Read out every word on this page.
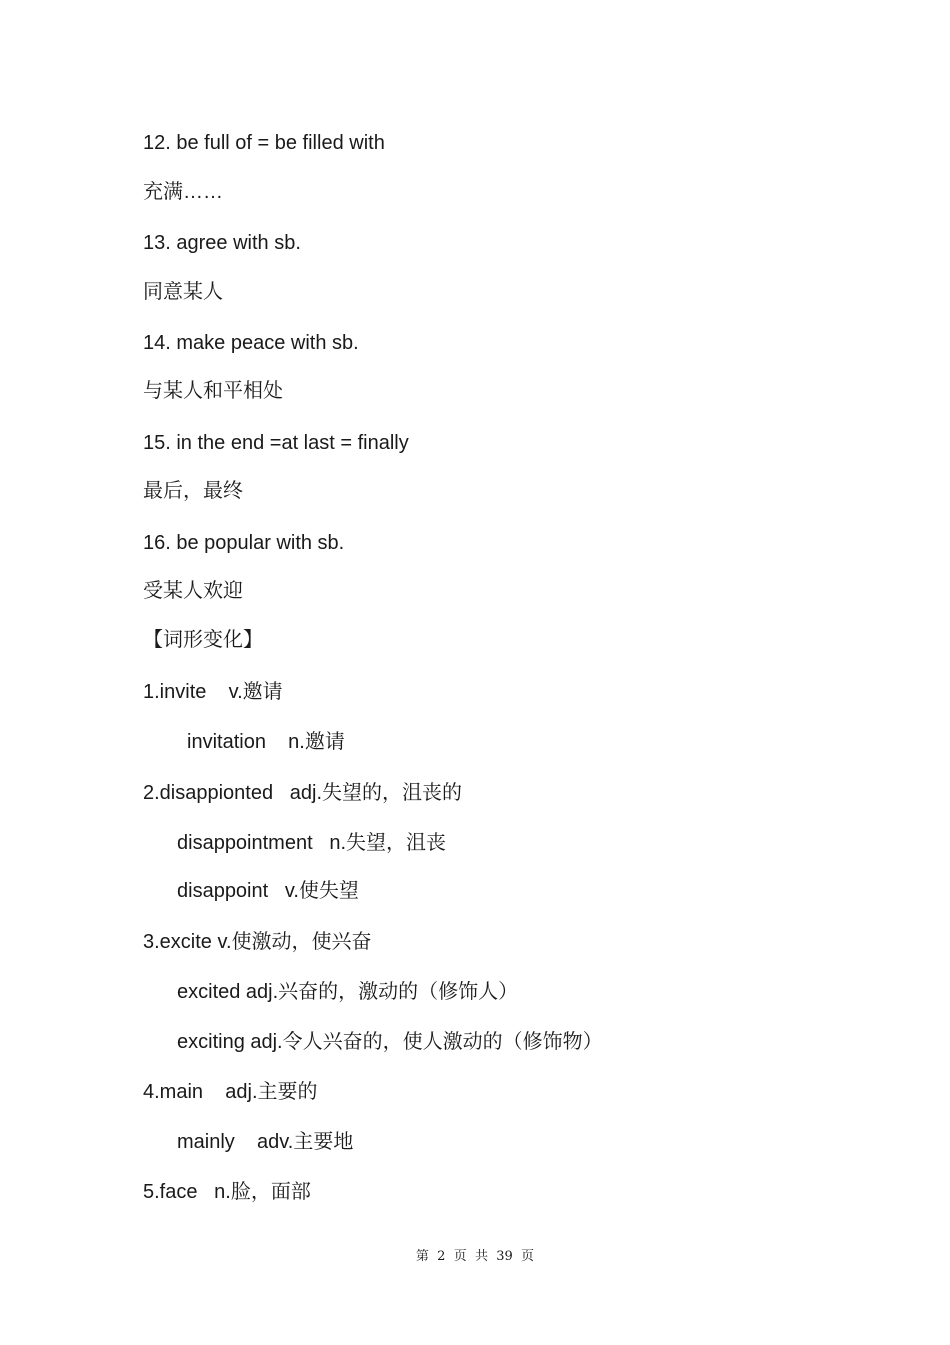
12. be full of = be filled with
充满……
13. agree with sb.
同意某人
14. make peace with sb.
与某人和平相处
15. in the end =at last = finally
最后，最终
16. be popular with sb.
受某人欢迎
【词形变化】
1.invite    v.邀请
invitation    n.邀请
2.disappionted   adj.失望的，沮丧的
disappointment   n.失望，沮丧
disappoint   v.使失望
3.excite v.使激动，使兴奋
excited adj.兴奋的，激动的（修饰人）
exciting adj.令人兴奋的，使人激动的（修饰物）
4.main    adj.主要的
mainly    adv.主要地
5.face   n.脸，面部
第  2  页  共  39  页
